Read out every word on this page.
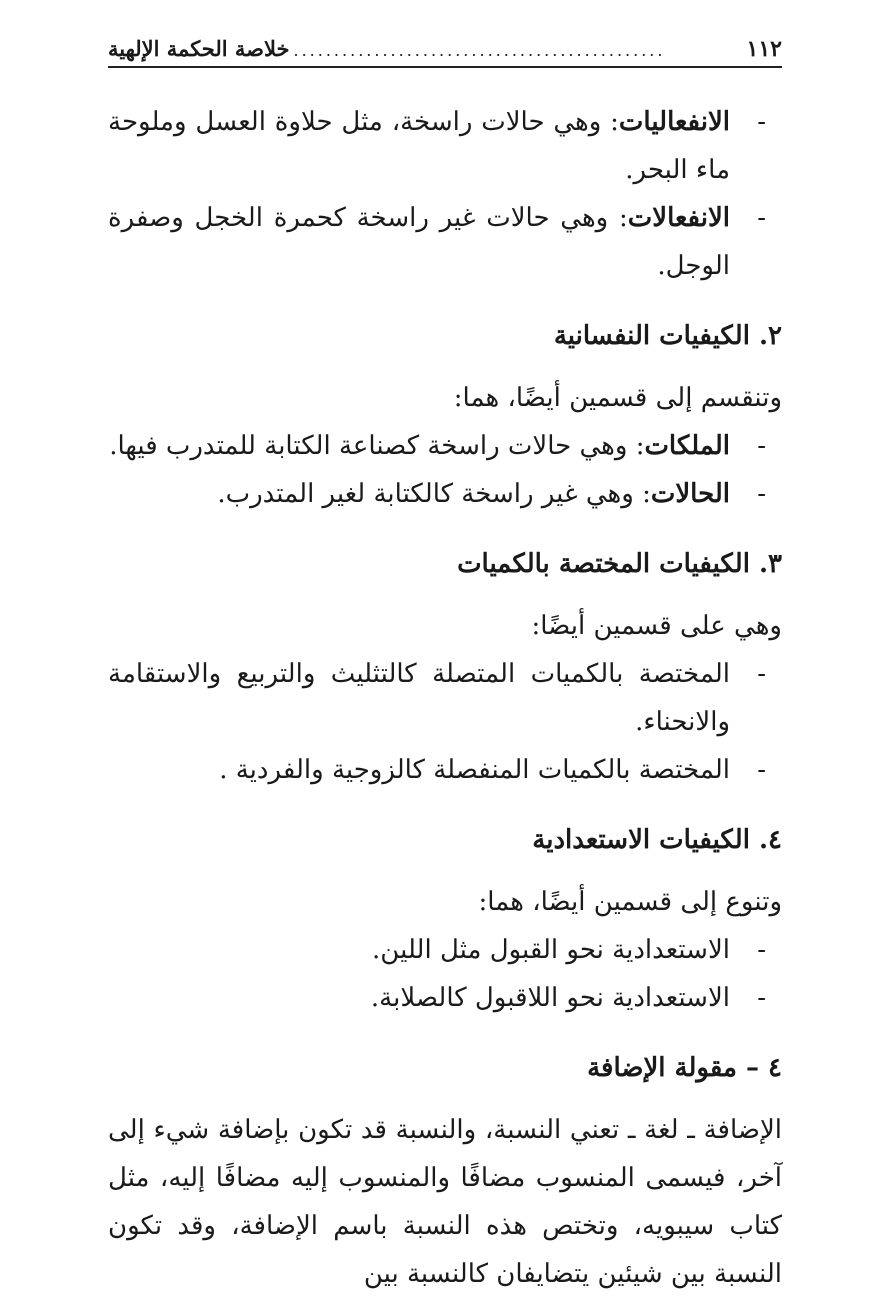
١١٢
..............................................
خلاصة الحكمة الإلهية

-
الانفعاليات: وهي حالات راسخة، مثل حلاوة العسل وملوحة ماء البحر.

-
الانفعالات: وهي حالات غير راسخة كحمرة الخجل وصفرة الوجل.

٢. الكيفيات النفسانية

وتنقسم إلى قسمين أيضًا، هما:

-
الملكات: وهي حالات راسخة كصناعة الكتابة للمتدرب فيها.

-
الحالات: وهي غير راسخة كالكتابة لغير المتدرب.

٣. الكيفيات المختصة بالكميات

وهي على قسمين أيضًا:

-
المختصة بالكميات المتصلة كالتثليث والتربيع والاستقامة والانحناء.

-
المختصة بالكميات المنفصلة كالزوجية والفردية .

٤. الكيفيات الاستعدادية

وتنوع إلى قسمين أيضًا، هما:

-
الاستعدادية نحو القبول مثل اللين.

-
الاستعدادية نحو اللاقبول كالصلابة.

٤ – مقولة الإضافة

الإضافة ـ لغة ـ تعني النسبة، والنسبة قد تكون بإضافة شيء إلى آخر، فيسمى المنسوب مضافًا والمنسوب إليه مضافًا إليه، مثل كتاب سيبويه، وتختص هذه النسبة باسم الإضافة، وقد تكون النسبة بين شيئين يتضايفان كالنسبة بين
